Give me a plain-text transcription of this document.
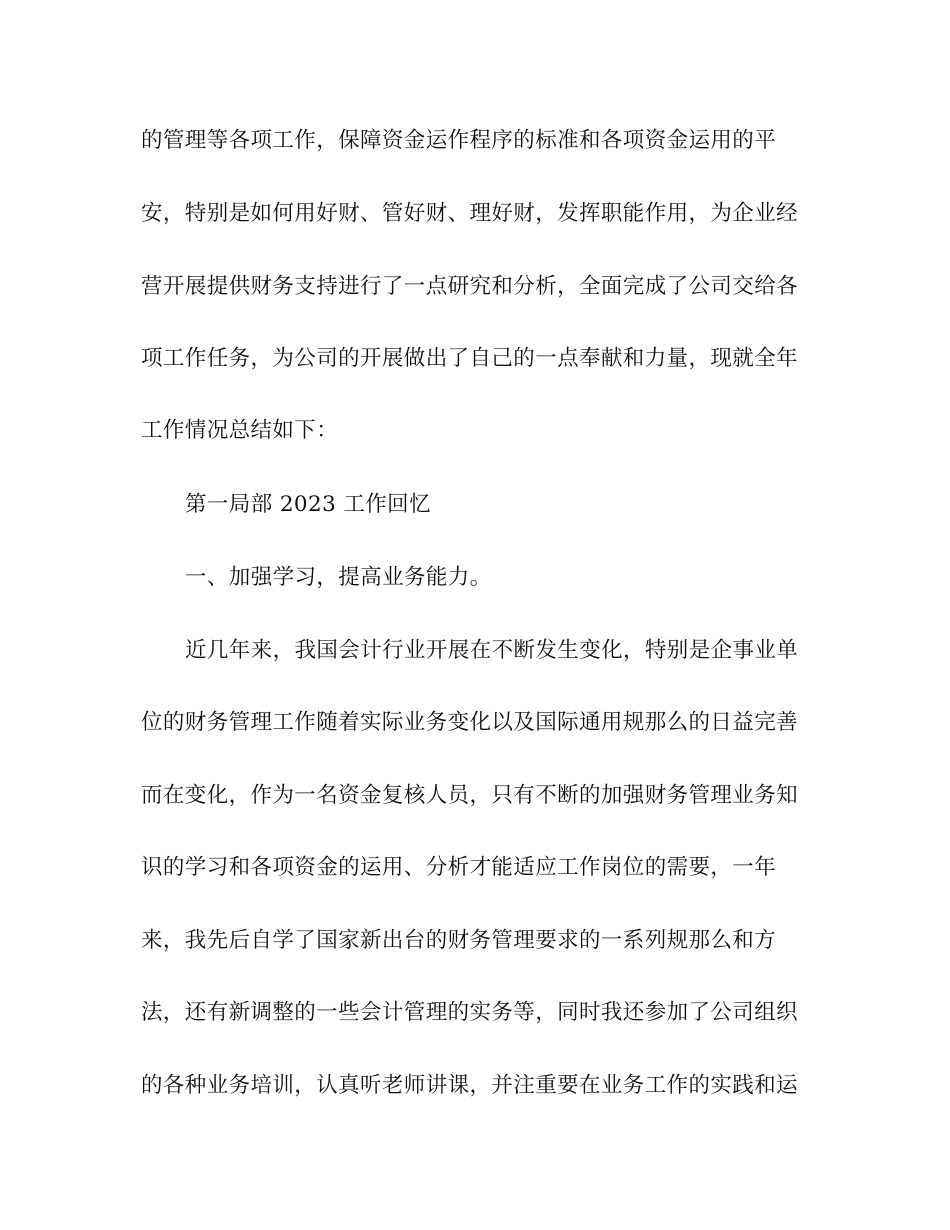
的管理等各项工作，保障资金运作程序的标准和各项资金运用的平
安，特别是如何用好财、管好财、理好财，发挥职能作用，为企业经
营开展提供财务支持进行了一点研究和分析，全面完成了公司交给各
项工作任务，为公司的开展做出了自己的一点奉献和力量，现就全年
工作情况总结如下：
第一局部 2023 工作回忆
一、加强学习，提高业务能力。
近几年来，我国会计行业开展在不断发生变化，特别是企事业单
位的财务管理工作随着实际业务变化以及国际通用规那么的日益完善
而在变化，作为一名资金复核人员，只有不断的加强财务管理业务知
识的学习和各项资金的运用、分析才能适应工作岗位的需要，一年
来，我先后自学了国家新出台的财务管理要求的一系列规那么和方
法，还有新调整的一些会计管理的实务等，同时我还参加了公司组织
的各种业务培训，认真听老师讲课，并注重要在业务工作的实践和运
